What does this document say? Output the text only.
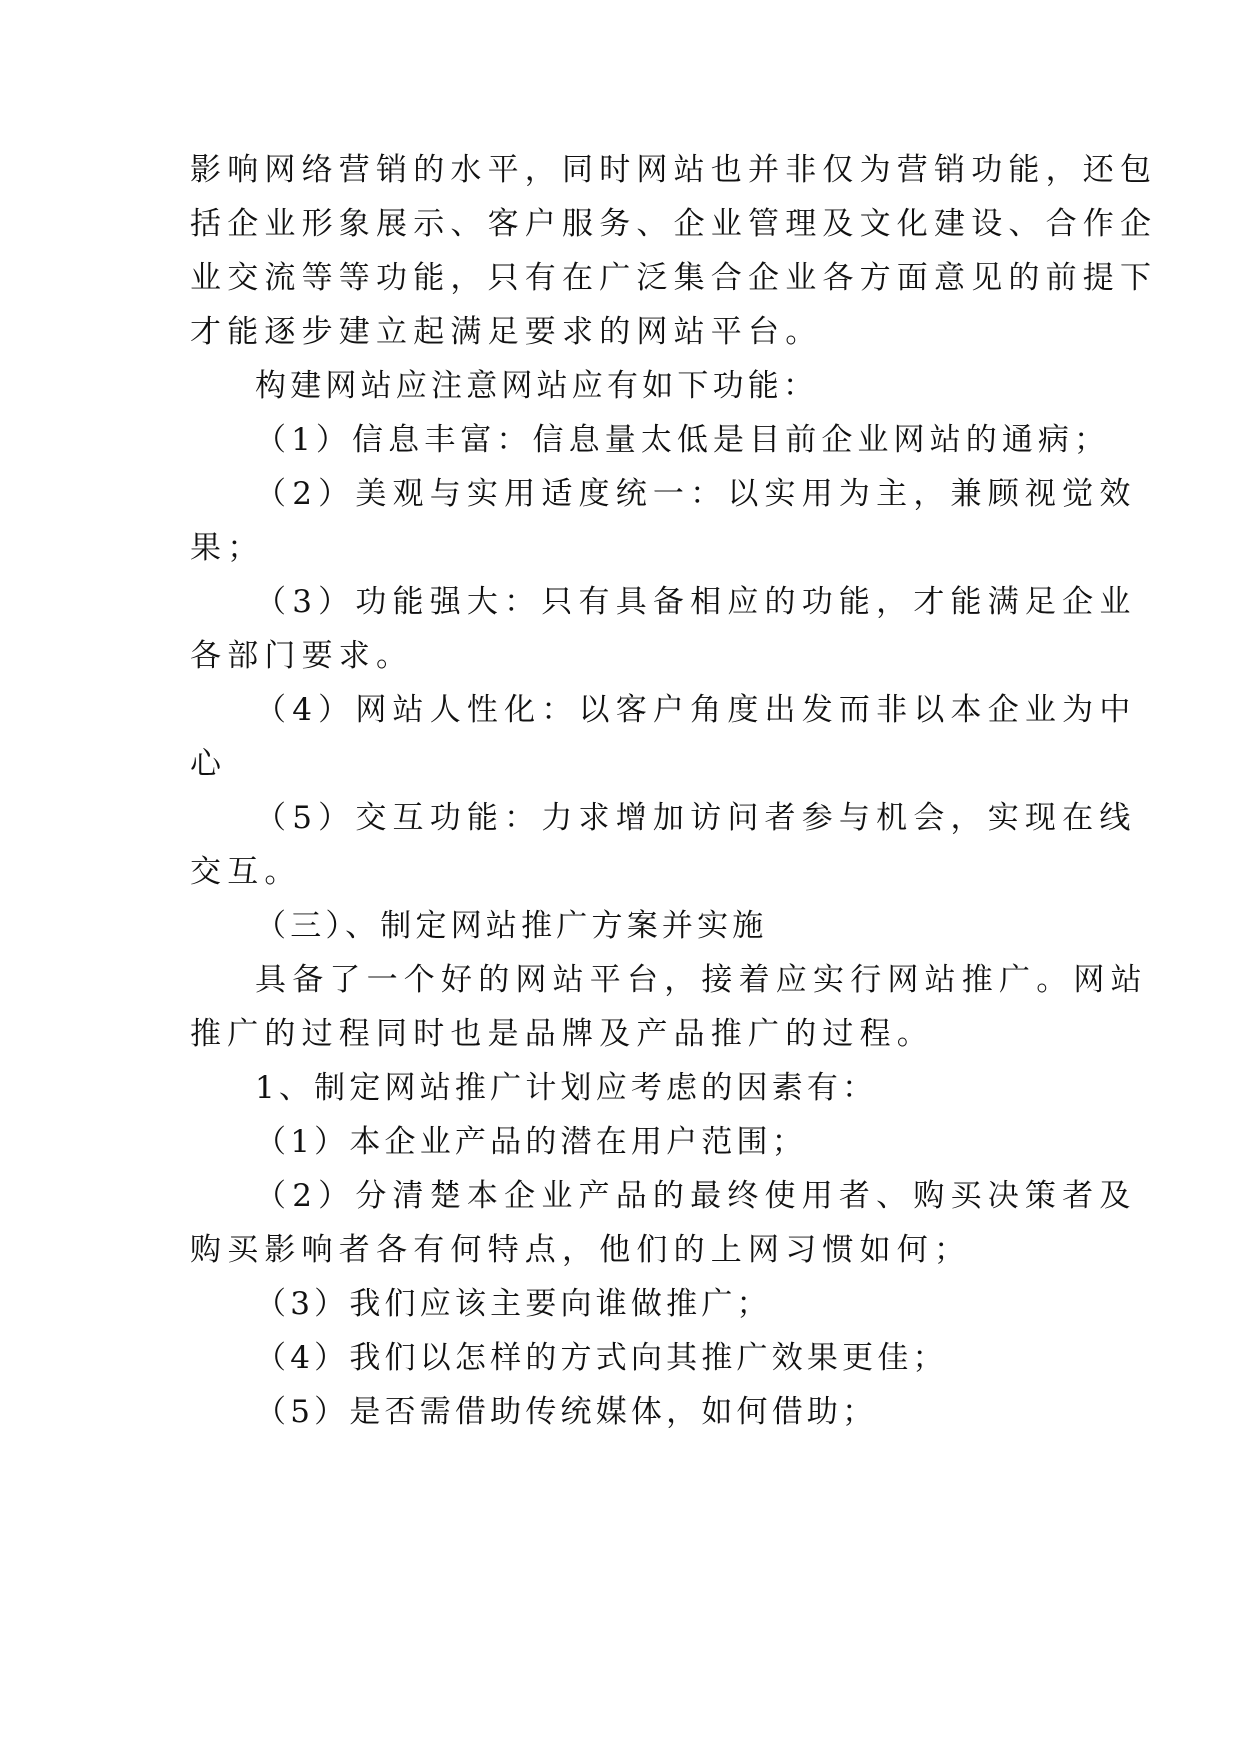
影响网络营销的水平，同时网站也并非仅为营销功能，还包
括企业形象展示、客户服务、企业管理及文化建设、合作企
业交流等等功能，只有在广泛集合企业各方面意见的前提下
才能逐步建立起满足要求的网站平台。
构建网站应注意网站应有如下功能：
（1）信息丰富：信息量太低是目前企业网站的通病；
（2）美观与实用适度统一：以实用为主，兼顾视觉效
果；
（3）功能强大：只有具备相应的功能，才能满足企业
各部门要求。
（4）网站人性化：以客户角度出发而非以本企业为中
心
（5）交互功能：力求增加访问者参与机会，实现在线
交互。
（三）、制定网站推广方案并实施
具备了一个好的网站平台，接着应实行网站推广。网站
推广的过程同时也是品牌及产品推广的过程。
1、制定网站推广计划应考虑的因素有：
（1）本企业产品的潜在用户范围；
（2）分清楚本企业产品的最终使用者、购买决策者及
购买影响者各有何特点，他们的上网习惯如何；
（3）我们应该主要向谁做推广；
（4）我们以怎样的方式向其推广效果更佳；
（5）是否需借助传统媒体，如何借助；
